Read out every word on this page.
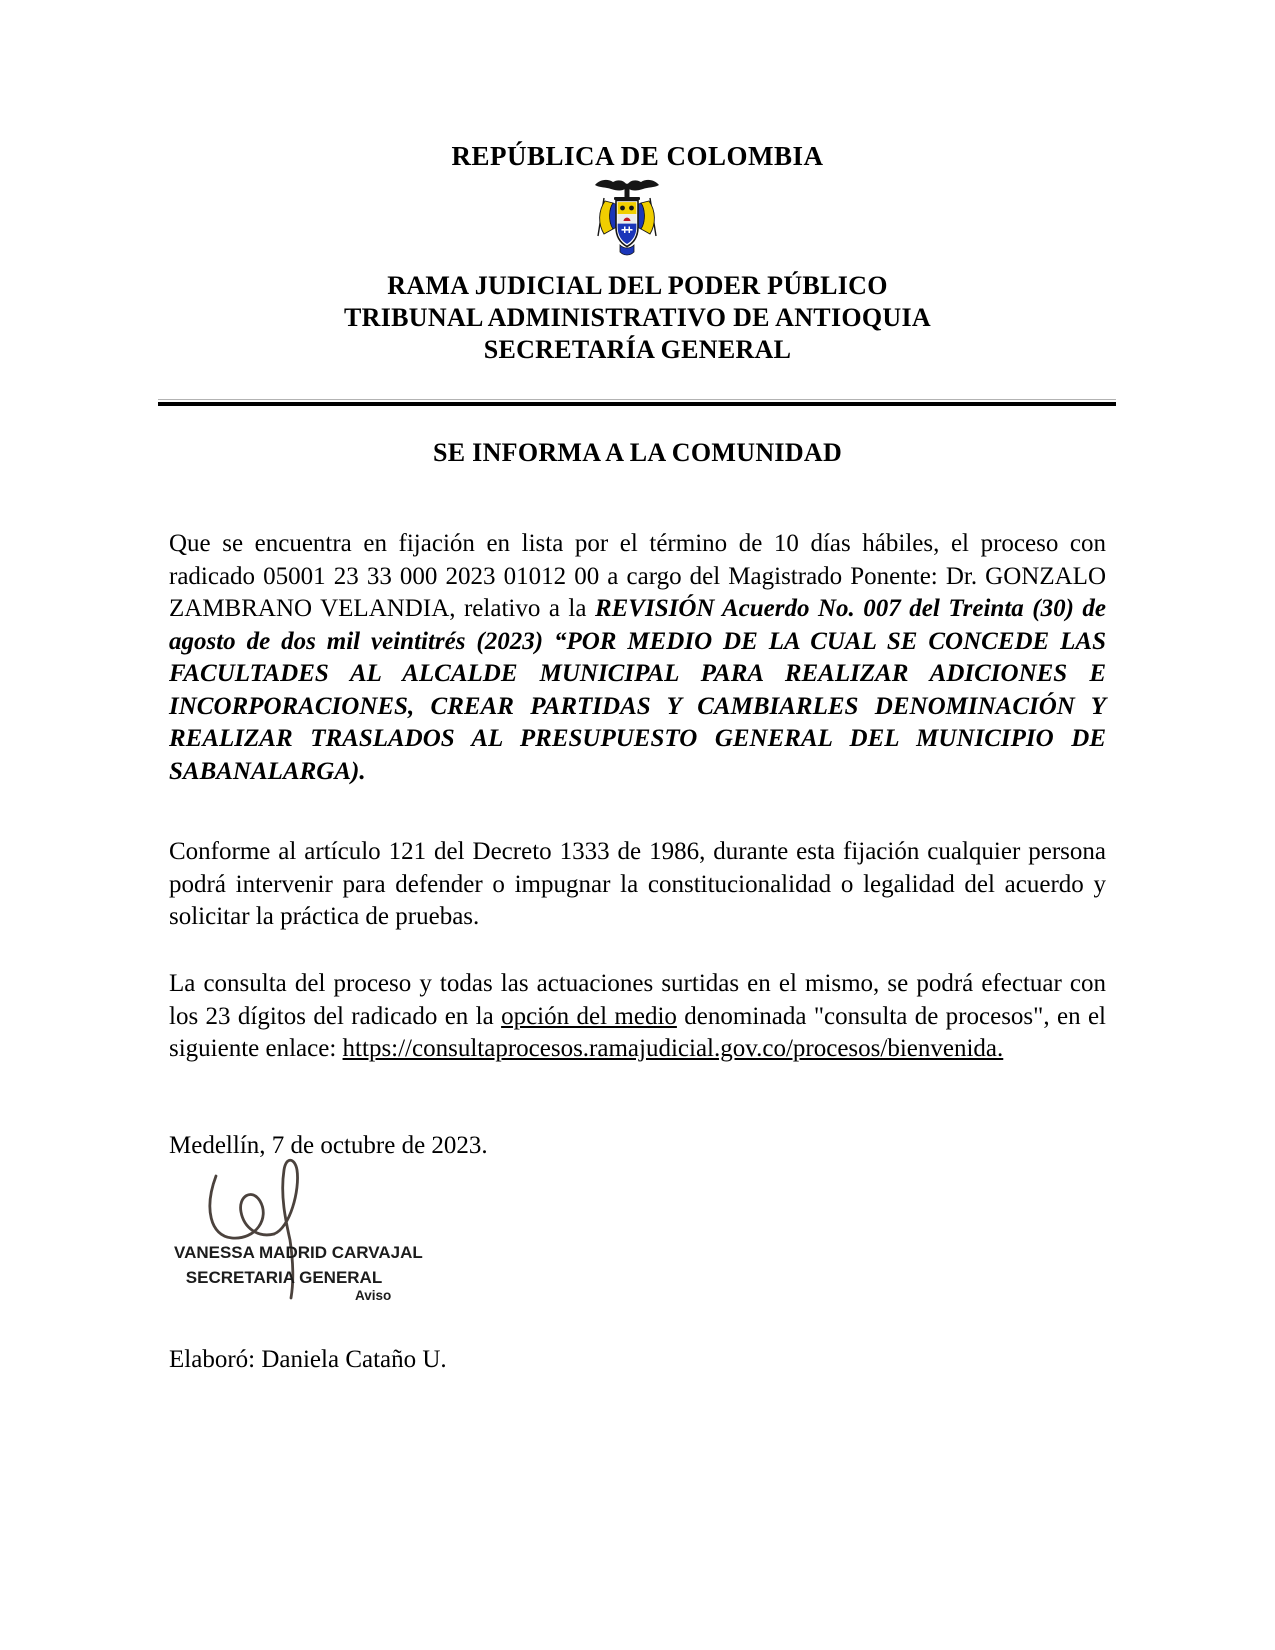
REPÚBLICA DE COLOMBIA
RAMA JUDICIAL DEL PODER PÚBLICO
TRIBUNAL ADMINISTRATIVO DE ANTIOQUIA
SECRETARÍA GENERAL
SE INFORMA A LA COMUNIDAD

Que se encuentra en fijación en lista por el término de 10 días hábiles, el proceso con radicado 05001 23 33 000 2023 01012 00 a cargo del Magistrado Ponente: Dr. GONZALO ZAMBRANO VELANDIA, relativo a la REVISIÓN Acuerdo No. 007 del Treinta (30) de agosto de dos mil veintitrés (2023) “POR MEDIO DE LA CUAL SE CONCEDE LAS FACULTADES AL ALCALDE MUNICIPAL PARA REALIZAR ADICIONES E INCORPORACIONES, CREAR PARTIDAS Y CAMBIARLES DENOMINACIÓN Y REALIZAR TRASLADOS AL PRESUPUESTO GENERAL DEL MUNICIPIO DE SABANALARGA).

Conforme al artículo 121 del Decreto 1333 de 1986, durante esta fijación cualquier persona podrá intervenir para defender o impugnar la constitucionalidad o legalidad del acuerdo y solicitar la práctica de pruebas.

La consulta del proceso y todas las actuaciones surtidas en el mismo, se podrá efectuar con los 23 dígitos del radicado en la opción del medio denominada "consulta de procesos", en el siguiente enlace: https://consultaprocesos.ramajudicial.gov.co/procesos/bienvenida.

Medellín, 7 de octubre de 2023.

VANESSA MADRID CARVAJAL
SECRETARIA GENERAL
Aviso

Elaboró: Daniela Cataño U.
